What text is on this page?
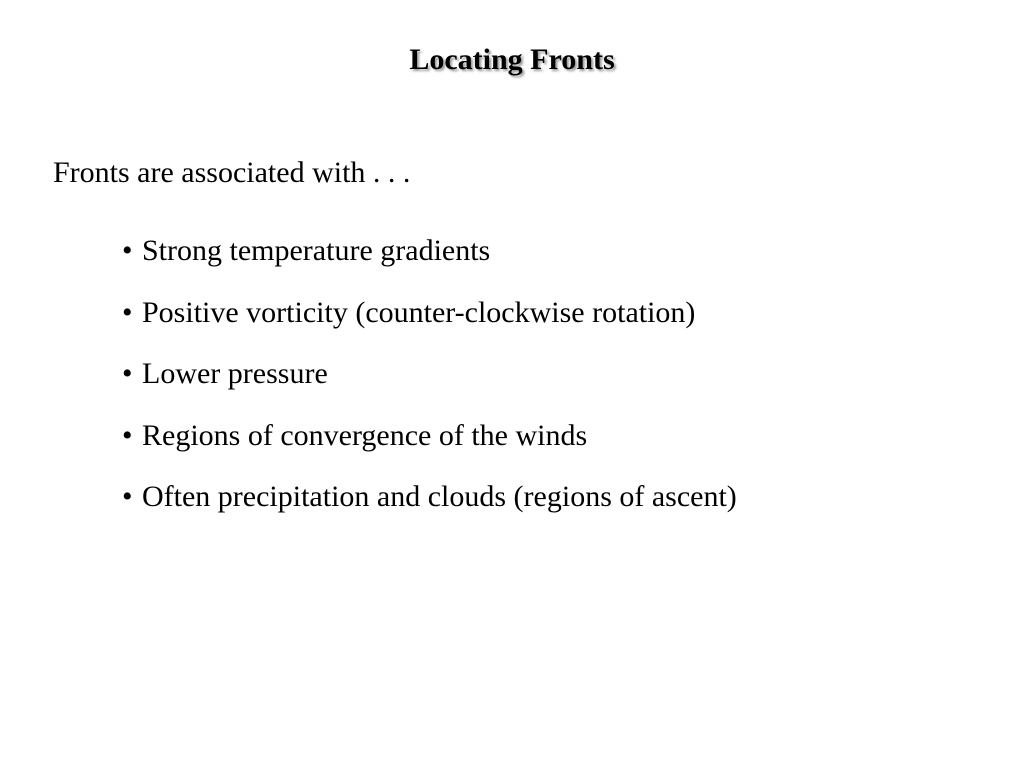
Locating Fronts

Fronts are associated with . . .

• Strong temperature gradients
• Positive vorticity (counter-clockwise rotation)
• Lower pressure
• Regions of convergence of the winds
• Often precipitation and clouds (regions of ascent)
